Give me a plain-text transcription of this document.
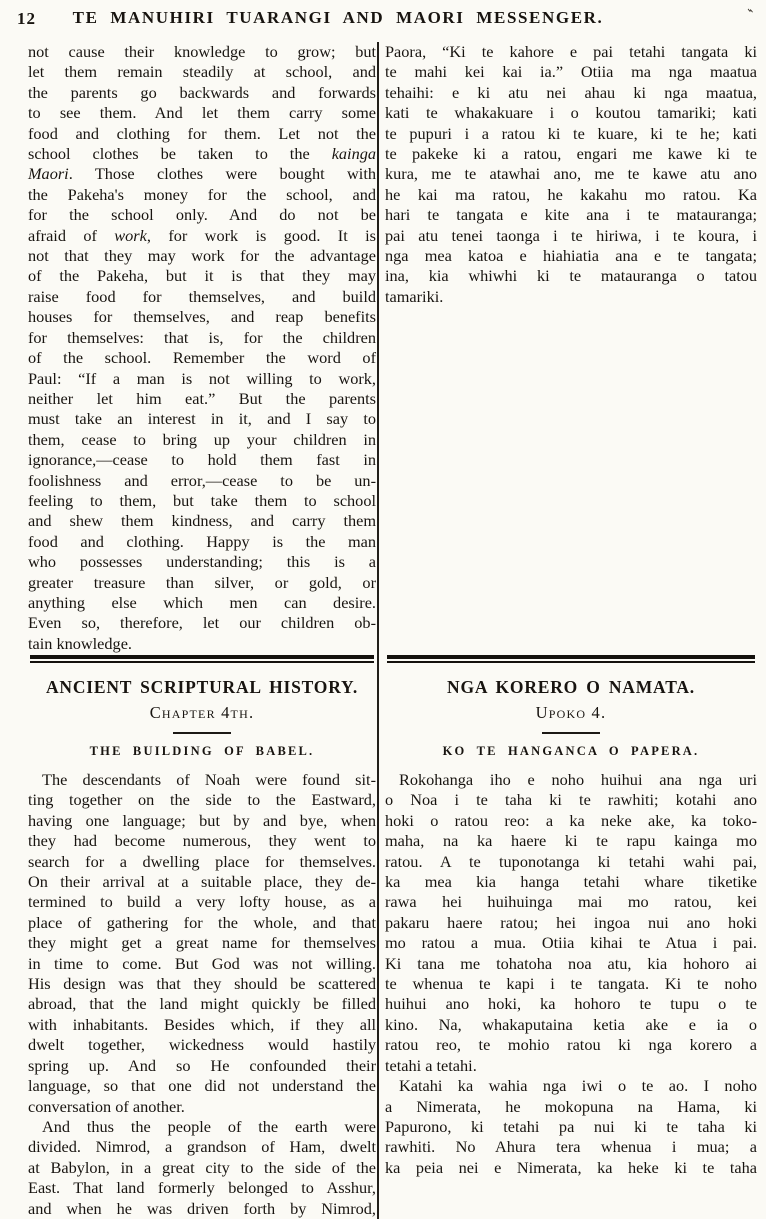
12	TE MANUHIRI TUARANGI AND MAORI MESSENGER.	⌁
not cause their knowledge to grow; but
let them remain steadily at school, and
the parents go backwards and forwards
to see them. And let them carry some
food and clothing for them. Let not the
school clothes be taken to the kainga
Maori. Those clothes were bought with
the Pakeha's money for the school, and
for the school only. And do not be
afraid of work, for work is good. It is
not that they may work for the advantage
of the Pakeha, but it is that they may
raise food for themselves, and build
houses for themselves, and reap benefits
for themselves: that is, for the children
of the school. Remember the word of
Paul: “If a man is not willing to work,
neither let him eat.” But the parents
must take an interest in it, and I say to
them, cease to bring up your children in
ignorance,—cease to hold them fast in
foolishness and error,—cease to be un-
feeling to them, but take them to school
and shew them kindness, and carry them
food and clothing. Happy is the man
who possesses understanding; this is a
greater treasure than silver, or gold, or
anything else which men can desire.
Even so, therefore, let our children ob-
tain knowledge.
ANCIENT SCRIPTURAL HISTORY.
Chapter 4th.
THE BUILDING OF BABEL.
The descendants of Noah were found sit-
ting together on the side to the Eastward,
having one language; but by and bye, when
they had become numerous, they went to
search for a dwelling place for themselves.
On their arrival at a suitable place, they de-
termined to build a very lofty house, as a
place of gathering for the whole, and that
they might get a great name for themselves
in time to come. But God was not willing.
His design was that they should be scattered
abroad, that the land might quickly be filled
with inhabitants. Besides which, if they all
dwelt together, wickedness would hastily
spring up. And so He confounded their
language, so that one did not understand the
conversation of another.
And thus the people of the earth were
divided. Nimrod, a grandson of Ham, dwelt
at Babylon, in a great city to the side of the
East. That land formerly belonged to Asshur,
and when he was driven forth by Nimrod,
Paora, “Ki te kahore e pai tetahi tangata ki
te mahi kei kai ia.” Otiia ma nga maatua
tehaihi: e ki atu nei ahau ki nga maatua,
kati te whakakuare i o koutou tamariki; kati
te pupuri i a ratou ki te kuare, ki te he; kati
te pakeke ki a ratou, engari me kawe ki te
kura, me te atawhai ano, me te kawe atu ano
he kai ma ratou, he kakahu mo ratou. Ka
hari te tangata e kite ana i te matauranga;
pai atu tenei taonga i te hiriwa, i te koura, i
nga mea katoa e hiahiatia ana e te tangata;
ina, kia whiwhi ki te matauranga o tatou
tamariki.
NGA KORERO O NAMATA.
Upoko 4.
KO TE HANGANCA O PAPERA.
Rokohanga iho e noho huihui ana nga uri
o Noa i te taha ki te rawhiti; kotahi ano
hoki o ratou reo: a ka neke ake, ka toko-
maha, na ka haere ki te rapu kainga mo
ratou. A te tuponotanga ki tetahi wahi pai,
ka mea kia hanga tetahi whare tiketike
rawa hei huihuinga mai mo ratou, kei
pakaru haere ratou; hei ingoa nui ano hoki
mo ratou a mua. Otiia kihai te Atua i pai.
Ki tana me tohatoha noa atu, kia hohoro ai
te whenua te kapi i te tangata. Ki te noho
huihui ano hoki, ka hohoro te tupu o te
kino. Na, whakaputaina ketia ake e ia o
ratou reo, te mohio ratou ki nga korero a
tetahi a tetahi.
Katahi ka wahia nga iwi o te ao. I noho
a Nimerata, he mokopuna na Hama, ki
Papurono, ki tetahi pa nui ki te taha ki
rawhiti. No Ahura tera whenua i mua; a
ka peia nei e Nimerata, ka heke ki te taha
